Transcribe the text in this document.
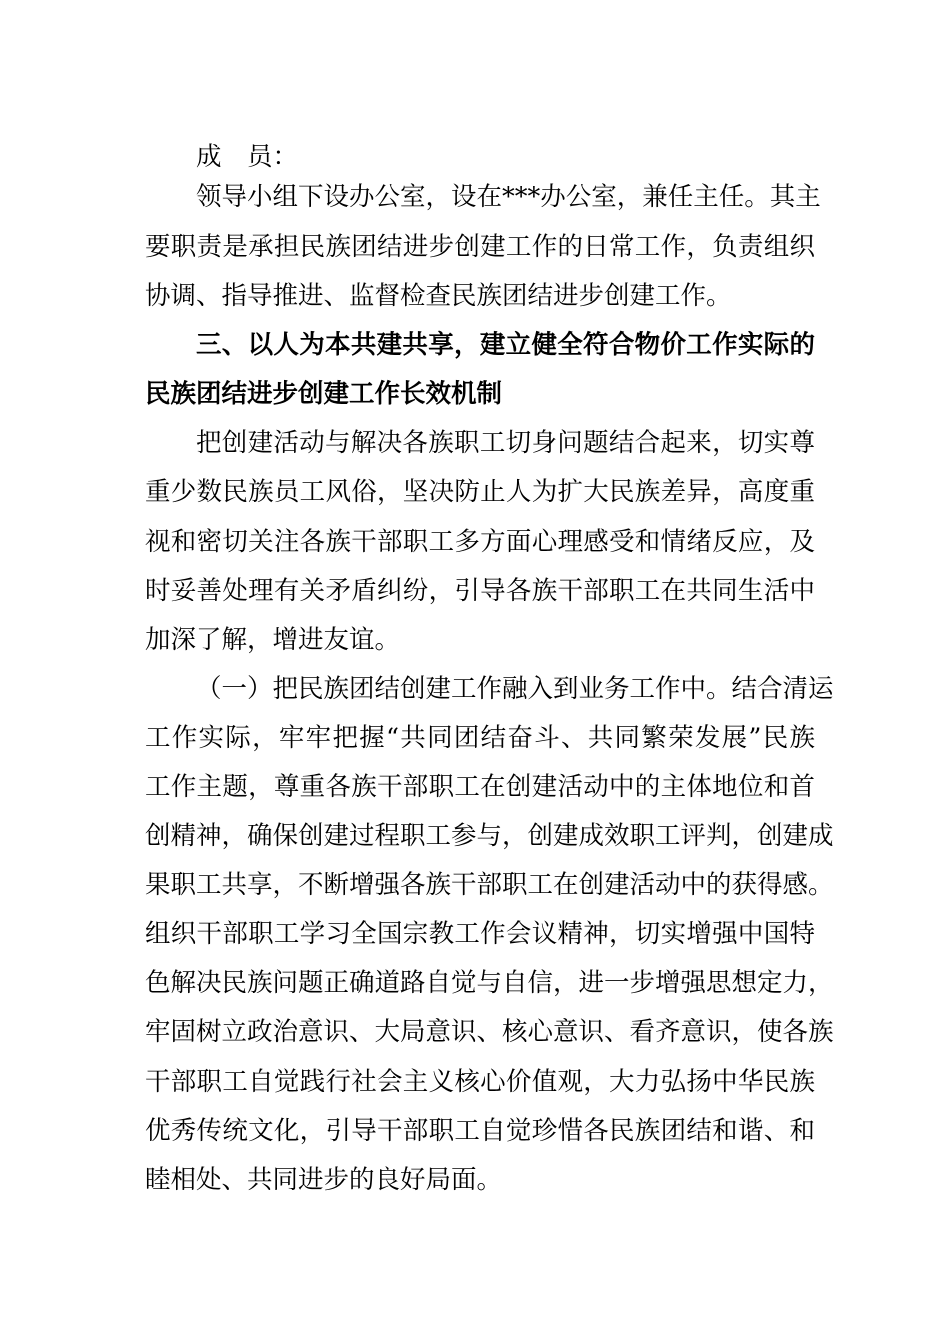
成　员：
领导小组下设办公室，设在***办公室，兼任主任。其主
要职责是承担民族团结进步创建工作的日常工作，负责组织
协调、指导推进、监督检查民族团结进步创建工作。
三、以人为本共建共享，建立健全符合物价工作实际的
民族团结进步创建工作长效机制
把创建活动与解决各族职工切身问题结合起来，切实尊
重少数民族员工风俗，坚决防止人为扩大民族差异，高度重
视和密切关注各族干部职工多方面心理感受和情绪反应，及
时妥善处理有关矛盾纠纷，引导各族干部职工在共同生活中
加深了解，增进友谊。
（一）把民族团结创建工作融入到业务工作中。结合清运
工作实际，牢牢把握“共同团结奋斗、共同繁荣发展”民族
工作主题，尊重各族干部职工在创建活动中的主体地位和首
创精神，确保创建过程职工参与，创建成效职工评判，创建成
果职工共享，不断增强各族干部职工在创建活动中的获得感。
组织干部职工学习全国宗教工作会议精神，切实增强中国特
色解决民族问题正确道路自觉与自信，进一步增强思想定力，
牢固树立政治意识、大局意识、核心意识、看齐意识，使各族
干部职工自觉践行社会主义核心价值观，大力弘扬中华民族
优秀传统文化，引导干部职工自觉珍惜各民族团结和谐、和
睦相处、共同进步的良好局面。
